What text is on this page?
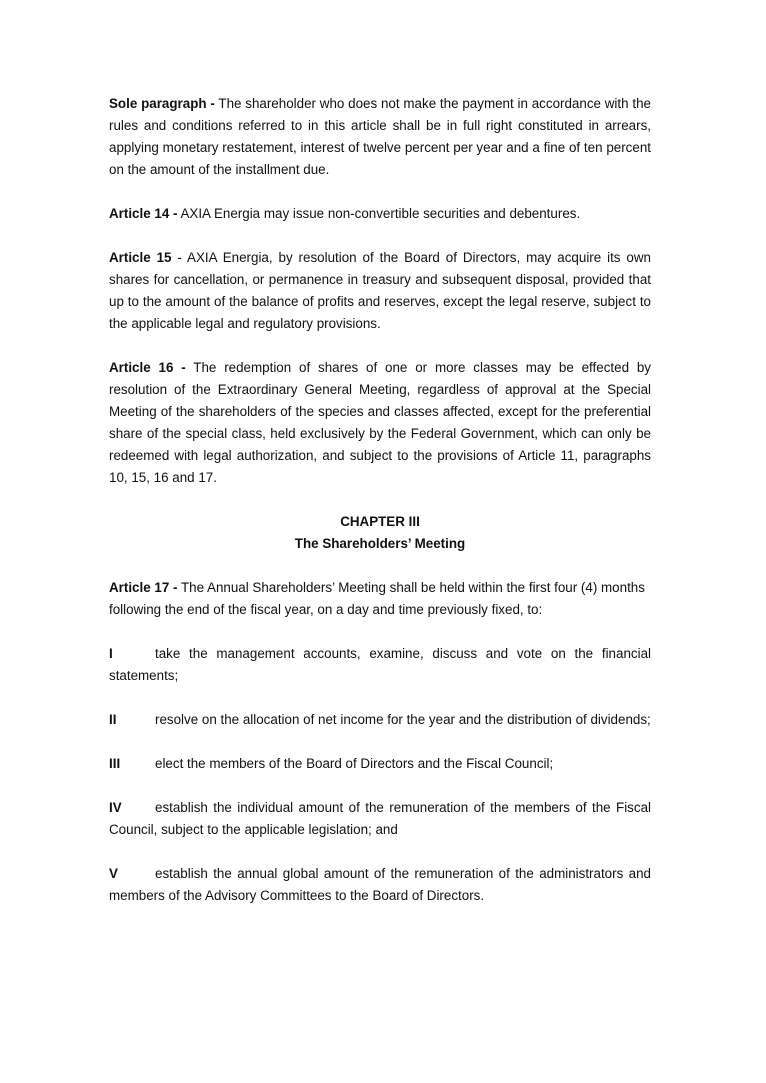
Sole paragraph - The shareholder who does not make the payment in accordance with the rules and conditions referred to in this article shall be in full right constituted in arrears, applying monetary restatement, interest of twelve percent per year and a fine of ten percent on the amount of the installment due.

Article 14 - AXIA Energia may issue non-convertible securities and debentures.

Article 15 - AXIA Energia, by resolution of the Board of Directors, may acquire its own shares for cancellation, or permanence in treasury and subsequent disposal, provided that up to the amount of the balance of profits and reserves, except the legal reserve, subject to the applicable legal and regulatory provisions.

Article 16 - The redemption of shares of one or more classes may be effected by resolution of the Extraordinary General Meeting, regardless of approval at the Special Meeting of the shareholders of the species and classes affected, except for the preferential share of the special class, held exclusively by the Federal Government, which can only be redeemed with legal authorization, and subject to the provisions of Article 11, paragraphs 10, 15, 16 and 17.

CHAPTER III
The Shareholders’ Meeting

Article 17 - The Annual Shareholders’ Meeting shall be held within the first four (4) months following the end of the fiscal year, on a day and time previously fixed, to:

I	take the management accounts, examine, discuss and vote on the financial statements;

II	resolve on the allocation of net income for the year and the distribution of dividends;

III	elect the members of the Board of Directors and the Fiscal Council;

IV establish the individual amount of the remuneration of the members of the Fiscal Council, subject to the applicable legislation; and

V	establish the annual global amount of the remuneration of the administrators and members of the Advisory Committees to the Board of Directors.
